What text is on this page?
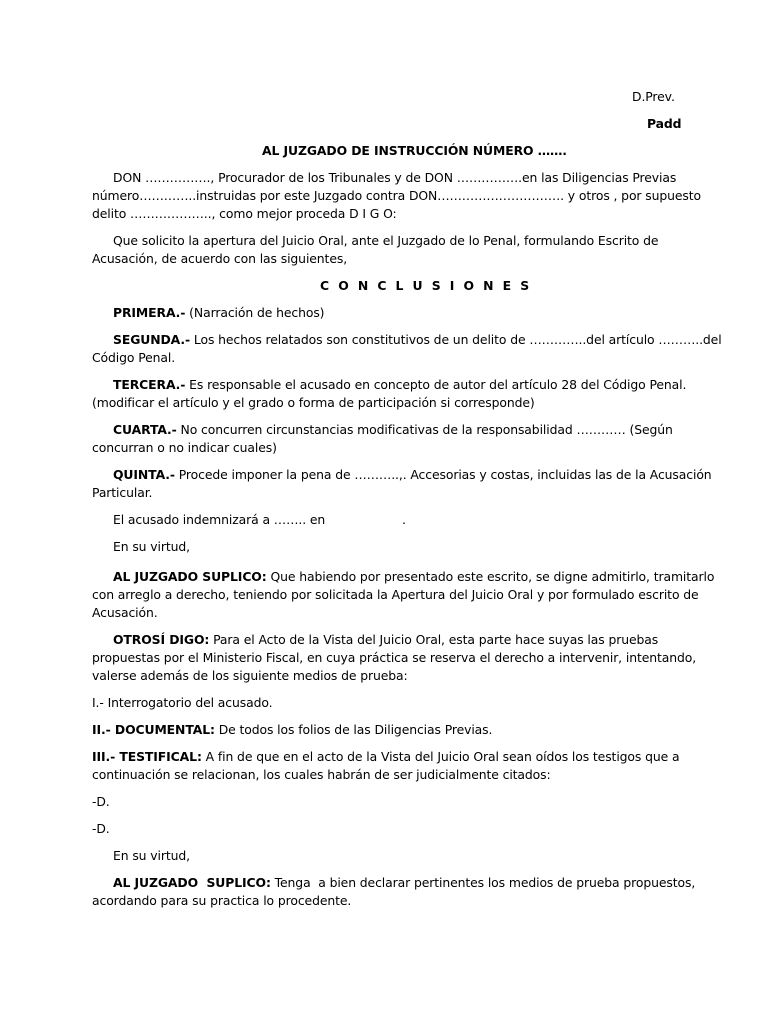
D.Prev.
Padd
AL JUZGADO DE INSTRUCCIÓN NÚMERO …….
DON ……………., Procurador de los Tribunales y de DON …………….en las Diligencias Previas
número…………..instruidas por este Juzgado contra DON…………………………. y otros , por supuesto
delito ……………….., como mejor proceda D I G O:
Que solicito la apertura del Juicio Oral, ante el Juzgado de lo Penal, formulando Escrito de
Acusación, de acuerdo con las siguientes,
C O N C L U S I O N E S
PRIMERA.- (Narración de hechos)
SEGUNDA.- Los hechos relatados son constitutivos de un delito de …………..del artículo ………..del
Código Penal.
TERCERA.- Es responsable el acusado en concepto de autor del artículo 28 del Código Penal.
(modificar el artículo y el grado o forma de participación si corresponde)
CUARTA.- No concurren circunstancias modificativas de la responsabilidad ………… (Según
concurran o no indicar cuales)
QUINTA.- Procede imponer la pena de ………..,. Accesorias y costas, incluidas las de la Acusación
Particular.
El acusado indemnizará a …….. en                    .
En su virtud,
AL JUZGADO SUPLICO: Que habiendo por presentado este escrito, se digne admitirlo, tramitarlo
con arreglo a derecho, teniendo por solicitada la Apertura del Juicio Oral y por formulado escrito de
Acusación.
OTROSÍ DIGO: Para el Acto de la Vista del Juicio Oral, esta parte hace suyas las pruebas
propuestas por el Ministerio Fiscal, en cuya práctica se reserva el derecho a intervenir, intentando,
valerse además de los siguiente medios de prueba:
I.- Interrogatorio del acusado.
II.- DOCUMENTAL: De todos los folios de las Diligencias Previas.
III.- TESTIFICAL: A fin de que en el acto de la Vista del Juicio Oral sean oídos los testigos que a
continuación se relacionan, los cuales habrán de ser judicialmente citados:
-D.
-D.
En su virtud,
AL JUZGADO  SUPLICO: Tenga  a bien declarar pertinentes los medios de prueba propuestos,
acordando para su practica lo procedente.
